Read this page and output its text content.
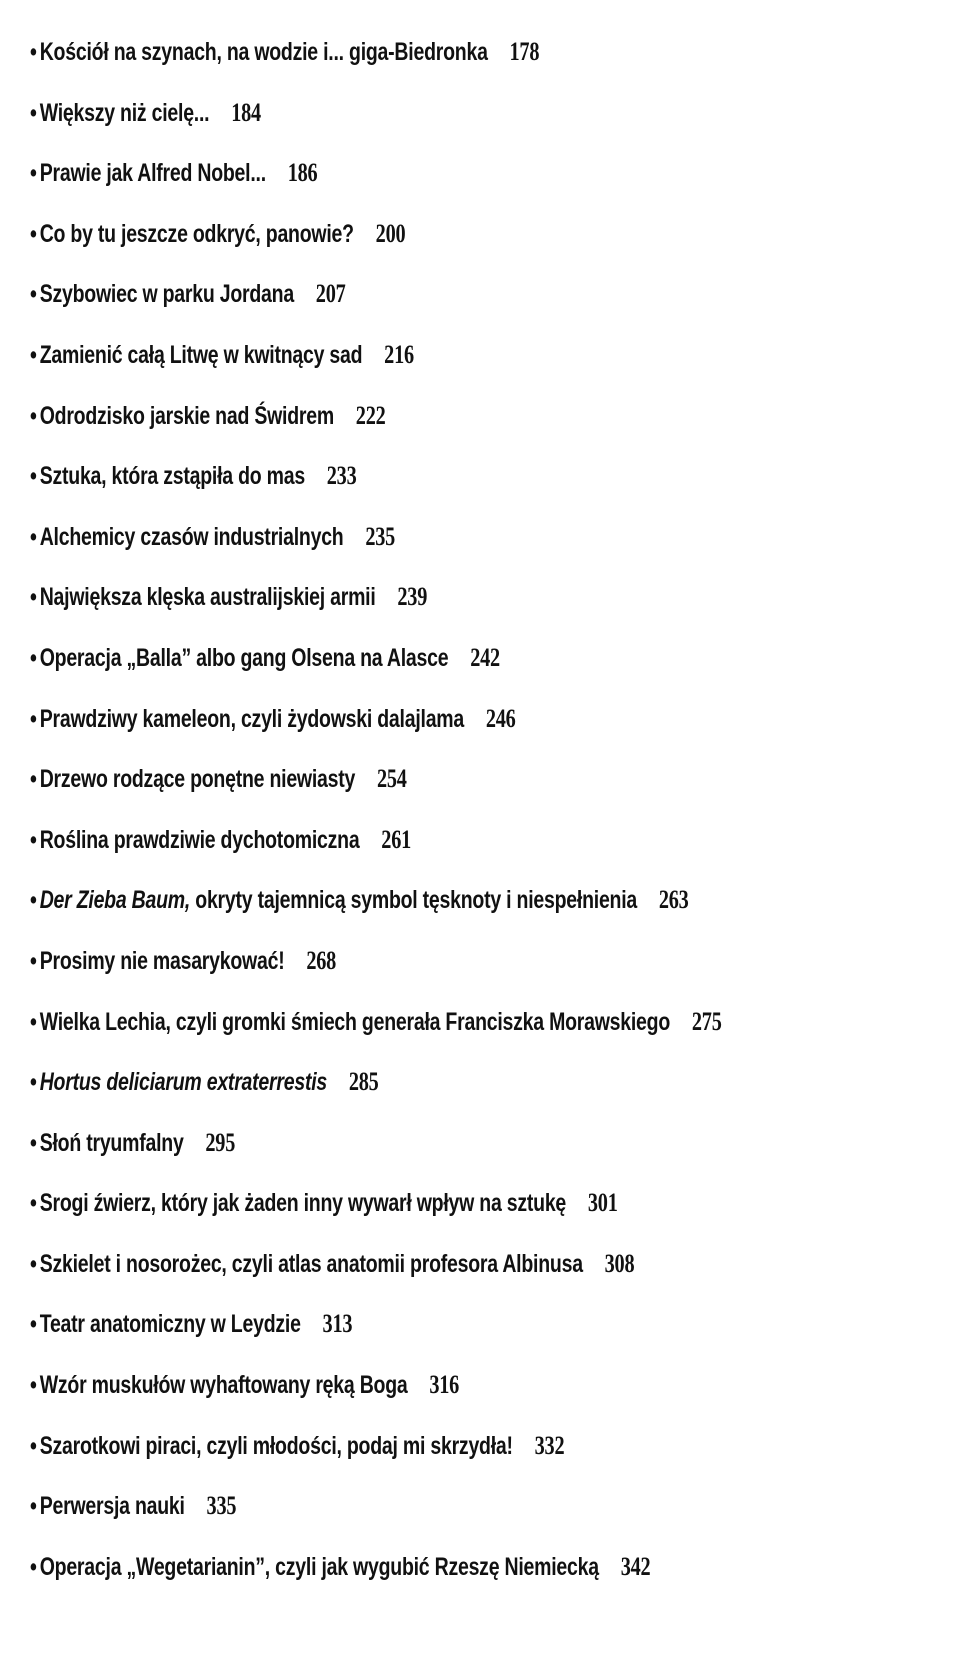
• Kościół na szynach, na wodzie i... giga-Biedronka 178
• Większy niż cielę... 184
• Prawie jak Alfred Nobel... 186
• Co by tu jeszcze odkryć, panowie? 200
• Szybowiec w parku Jordana 207
• Zamienić całą Litwę w kwitnący sad 216
• Odrodzisko jarskie nad Świdrem 222
• Sztuka, która zstąpiła do mas 233
• Alchemicy czasów industrialnych 235
• Największa klęska australijskiej armii 239
• Operacja „Balla” albo gang Olsena na Alasce 242
• Prawdziwy kameleon, czyli żydowski dalajlama 246
• Drzewo rodzące ponętne niewiasty 254
• Roślina prawdziwie dychotomiczna 261
• Der Zieba Baum, okryty tajemnicą symbol tęsknoty i niespełnienia 263
• Prosimy nie masarykować! 268
• Wielka Lechia, czyli gromki śmiech generała Franciszka Morawskiego 275
• Hortus deliciarum extraterrestis 285
• Słoń tryumfalny 295
• Srogi źwierz, który jak żaden inny wywarł wpływ na sztukę 301
• Szkielet i nosorożec, czyli atlas anatomii profesora Albinusa 308
• Teatr anatomiczny w Leydzie 313
• Wzór muskułów wyhaftowany ręką Boga 316
• Szarotkowi piraci, czyli młodości, podaj mi skrzydła! 332
• Perwersja nauki 335
• Operacja „Wegetarianin”, czyli jak wygubić Rzeszę Niemiecką 342
